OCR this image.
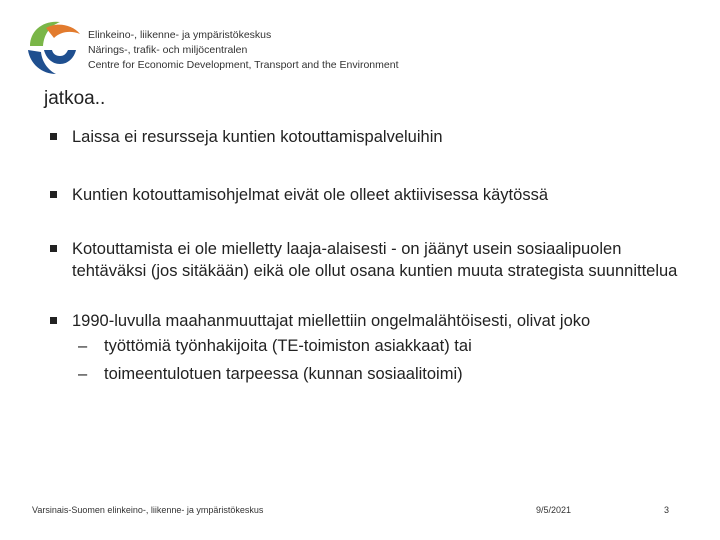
Elinkeino-, liikenne- ja ympäristökeskus
Närings-, trafik- och miljöcentralen
Centre for Economic Development, Transport and the Environment
jatkoa..
Laissa ei resursseja kuntien kotouttamispalveluihin
Kuntien kotouttamisohjelmat eivät ole olleet aktiivisessa käytössä
Kotouttamista ei ole mielletty laaja-alaisesti - on jäänyt usein sosiaalipuolen tehtäväksi (jos sitäkään) eikä ole ollut osana kuntien muuta strategista suunnittelua
1990-luvulla maahanmuuttajat miellettiin ongelmalähtöisesti, olivat joko
– työttömiä työnhakijoita (TE-toimiston asiakkaat) tai
– toimeentulotuen tarpeessa (kunnan sosiaalitoimi)
Varsinais-Suomen elinkeino-, liikenne- ja ympäristökeskus	9/5/2021	3
